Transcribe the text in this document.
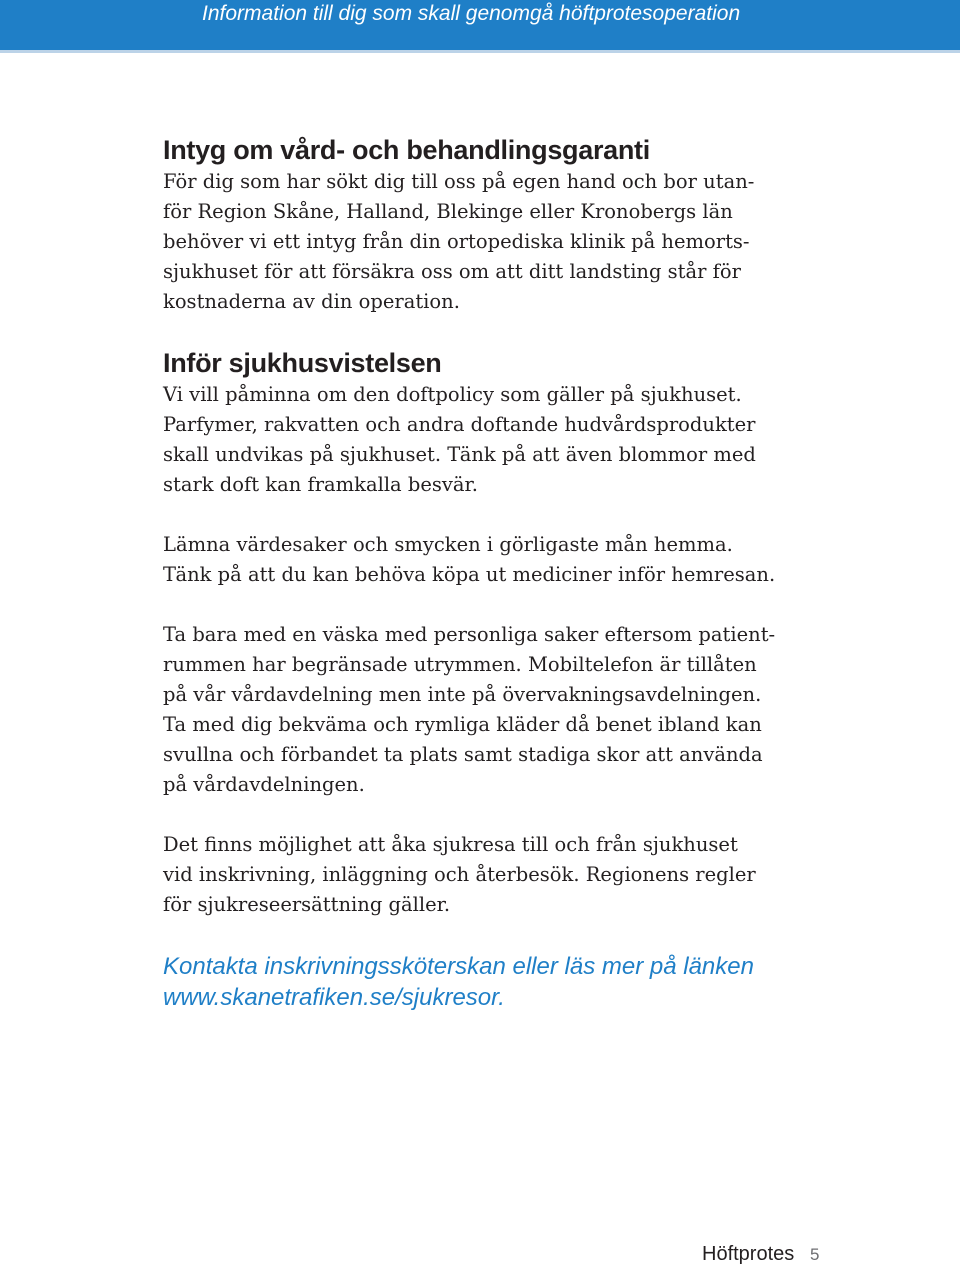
Information till dig som skall genomgå höftprotesoperation
Intyg om vård- och behandlingsgaranti
För dig som har sökt dig till oss på egen hand och bor utan-
för Region Skåne, Halland, Blekinge eller Kronobergs län
behöver vi ett intyg från din ortopediska klinik på hemorts-
sjukhuset för att försäkra oss om att ditt landsting står för
kostnaderna av din operation.
Inför sjukhusvistelsen
Vi vill påminna om den doftpolicy som gäller på sjukhuset.
Parfymer, rakvatten och andra doftande hudvårdsprodukter
skall undvikas på sjukhuset. Tänk på att även blommor med
stark doft kan framkalla besvär.
Lämna värdesaker och smycken i görligaste mån hemma.
Tänk på att du kan behöva köpa ut mediciner inför hemresan.
Ta bara med en väska med personliga saker eftersom patient-
rummen har begränsade utrymmen. Mobiltelefon är tillåten
på vår vårdavdelning men inte på övervakningsavdelningen.
Ta med dig bekväma och rymliga kläder då benet ibland kan
svullna och förbandet ta plats samt stadiga skor att använda
på vårdavdelningen.
Det finns möjlighet att åka sjukresa till och från sjukhuset
vid inskrivning, inläggning och återbesök. Regionens regler
för sjukreseersättning gäller.
Kontakta inskrivningssköterskan eller läs mer på länken
www.skanetrafiken.se/sjukresor.
Höftprotes 5
